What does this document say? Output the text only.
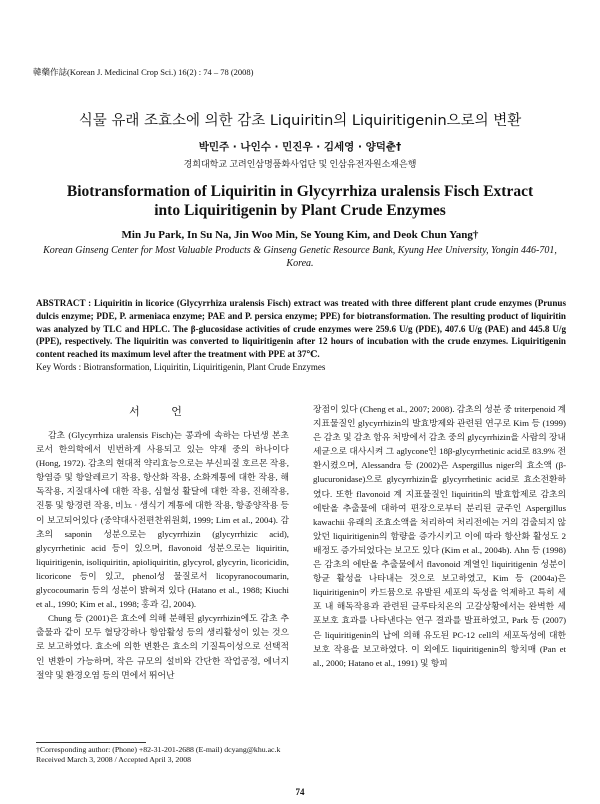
韓藥作誌(Korean J. Medicinal Crop Sci.) 16(2) : 74 – 78 (2008)
식물 유래 조효소에 의한 감초 Liquiritin의 Liquiritigenin으로의 변환
박민주 · 나인수 · 민진우 · 김세영 · 양덕춘†
경희대학교 고려인삼명품화사업단 및 인삼유전자원소재은행
Biotransformation of Liquiritin in Glycyrrhiza uralensis Fisch Extract
into Liquiritigenin by Plant Crude Enzymes
Min Ju Park, In Su Na, Jin Woo Min, Se Young Kim, and Deok Chun Yang†
Korean Ginseng Center for Most Valuable Products & Ginseng Genetic Resource Bank, Kyung Hee University, Yongin 446-701, Korea.
ABSTRACT : Liquiritin in licorice (Glycyrrhiza uralensis Fisch) extract was treated with three different plant crude enzymes (Prunus dulcis enzyme; PDE, P. armeniaca enzyme; PAE and P. persica enzyme; PPE) for biotransformation. The resulting product of liquiritin was analyzed by TLC and HPLC. The β-glucosidase activities of crude enzymes were 259.6 U/g (PDE), 407.6 U/g (PAE) and 445.8 U/g (PPE), respectively. The liquiritin was converted to liquiritigenin after 12 hours of incubation with the crude enzymes. Liquiritigenin content reached its maximum level after the treatment with PPE at 37℃.
Key Words : Biotransformation, Liquiritin, Liquiritigenin, Plant Crude Enzymes
서 언

감초 (Glycyrrhiza uralensis Fisch)는 콩과에 속하는 다년생 본초로서 한의학에서 빈번하게 사용되고 있는 약재 중의 하나이다 (Hong, 1972). 감초의 현대적 약리효능으로는 부신피질 호르몬 작용, 항염증 및 항알레르기 작용, 항산화 작용, 소화계통에 대한 작용, 해독작용, 지질대사에 대한 작용, 심혈성 활달에 대한 작용, 진해작용, 진통 및 항경련 작용, 비뇨 · 생식기 계통에 대한 작용, 항종양작용 등이 보고되어있다 (중약대사전편찬위원회, 1999; Lim et al., 2004). 감초의 saponin 성분으로는 glycyrrhizin (glycyrrhizic acid), glycyrrhetinic acid 등이 있으며, flavonoid 성분으로는 liquiritin, liquiritigenin, isoliquiritin, apioliquiritin, glycyrol, glycyrin, licoricidin, licoricone 등이 있고, phenol성 물질로서 licopyranocoumarin, glycocoumarin 등의 성분이 밝혀져 있다 (Hatano et al., 1988; Kiuchi et al., 1990; Kim et al., 1998; 홍과 김, 2004).

Chung 등 (2001)은 효소에 의해 분해된 glycyrrhizin에도 감초 추출물과 같이 모두 혈당강하나 항암활성 등의 생리활성이 있는 것으로 보고하였다. 효소에 의한 변환은 효소의 기질특이성으로 선택적인 변환이 가능하며, 작은 규모의 설비와 간단한 작업공정, 에너지 절약 및 환경오염 등의 면에서 뛰어난

장점이 있다 (Cheng et al., 2007; 2008). 감초의 성분 중 triterpenoid 계 지표물질인 glycyrrhizin의 발효방제와 관련된 연구로 Kim 등 (1999)은 감초 및 감초 함유 처방에서 감초 중의 glycyrrhizin을 사람의 장내세균으로 대사시켜 그 aglycone인 18β-glycyrrhetinic acid로 83.9% 전환시켰으며, Alessandra 등 (2002)은 Aspergillus niger의 효소액 (β-glucuronidase)으로 glycyrrhizin을 glycyrrhetinic acid로 효소전환하였다. 또한 flavonoid 계 지표물질인 liquiritin의 발효합제로 감초의 에탄올 추출물에 대하여 편장으로부터 분리된 균주인 Aspergillus kawachii 유래의 조효소액을 처리하여 처리전에는 거의 검출되지 않았던 liquiritigenin의 함량을 증가시키고 이에 따라 항산화 활성도 2배정도 증가되었다는 보고도 있다 (Kim et al., 2004b). Ahn 등 (1998)은 감초의 에탄올 추출물에서 flavonoid 계열인 liquiritigenin 성분이 항균 활성을 나타내는 것으로 보고하였고, Kim 등 (2004a)은 liquiritigenin이 카드뮴으로 유발된 세포의 독성을 억제하고 특히 세포 내 해독작용과 관련된 글루타치온의 고갈상황에서는 완벽한 세포보호 효과를 나타낸다는 연구 결과를 발표하였고, Park 등 (2007)은 liquiritigenin의 납에 의해 유도된 PC-12 cell의 세포독성에 대한 보호 작용을 보고하였다. 이 외에도 liquiritigenin의 항치매 (Pan et al., 2000; Hatano et al., 1991) 및 항피

†Corresponding author: (Phone) +82-31-201-2688 (E-mail) dcyang@khu.ac.k
Received March 3, 2008 / Accepted April 3, 2008
74
